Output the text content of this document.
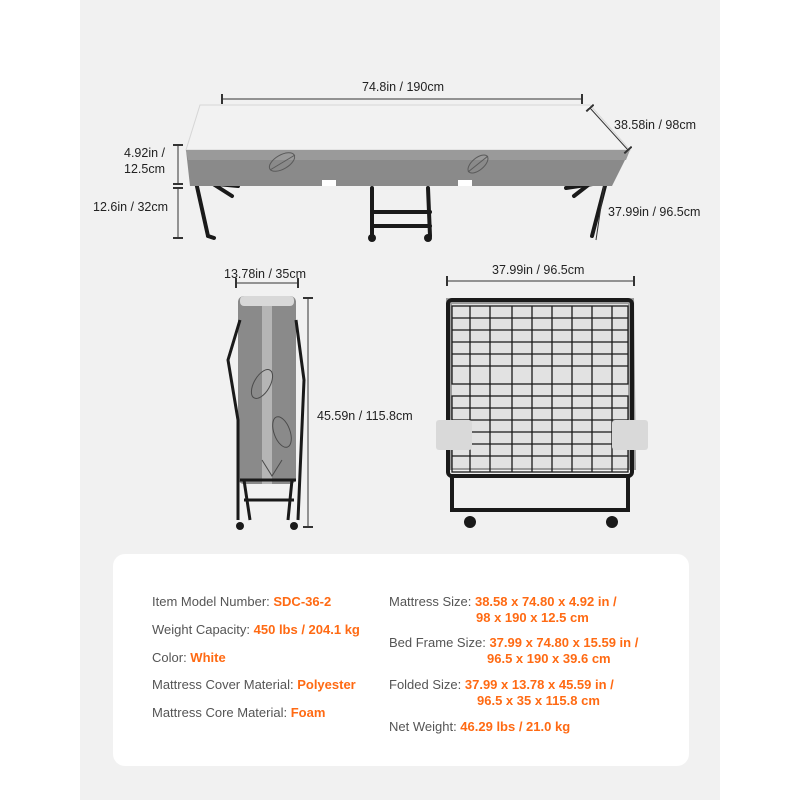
74.8in / 190cm
38.58in / 98cm
4.92in /
12.5cm
12.6in / 32cm	37.99in / 96.5cm
13.78in / 35cm
45.59n / 115.8cm
37.99in / 96.5cm
Item Model Number: SDC-36-2
Weight Capacity: 450 lbs / 204.1 kg
Color: White
Mattress Cover Material: Polyester
Mattress Core Material: Foam
Mattress Size: 38.58 x 74.80 x 4.92 in /
98 x 190 x 12.5 cm
Bed Frame Size: 37.99 x 74.80 x 15.59 in /
96.5 x 190 x 39.6 cm
Folded Size: 37.99 x 13.78 x 45.59 in /
96.5 x 35 x 115.8 cm
Net Weight: 46.29 lbs / 21.0 kg
